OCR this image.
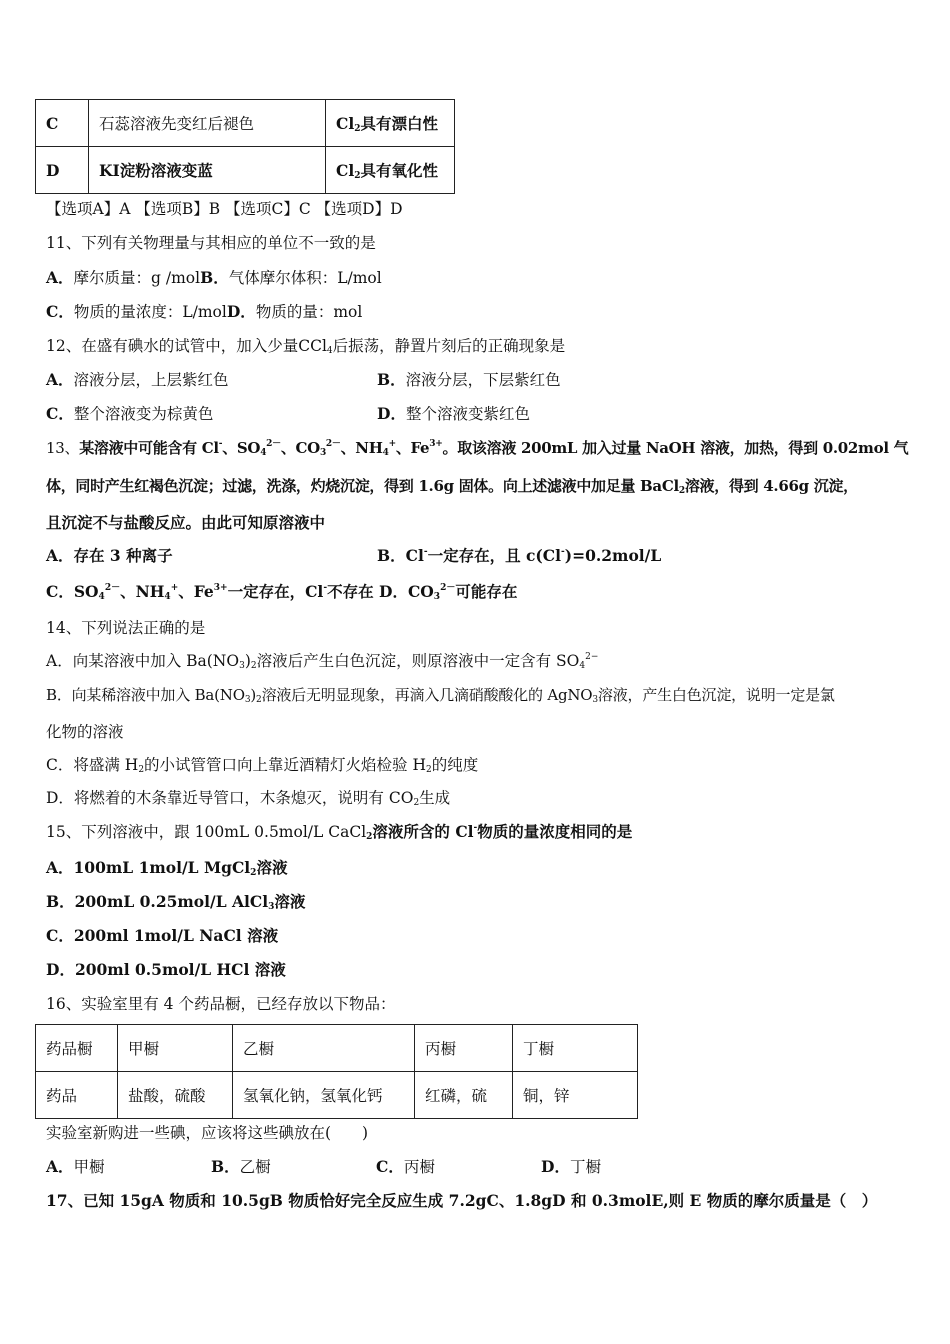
C	石蕊溶液先变红后褪色	$Cl_2$具有漂白性
D	KI淀粉溶液变蓝	$Cl_2$具有氧化性
【选项A】A 【选项B】B 【选项C】C 【选项D】D
11、下列有关物理量与其相应的单位不一致的是
A．摩尔质量：g /molB．气体摩尔体积：L/mol
C．物质的量浓度：L/molD．物质的量：mol
12、在盛有碘水的试管中，加入少量CCl$_4$后振荡，静置片刻后的正确现象是
A．溶液分层，上层紫红色	B．溶液分层，下层紫红色
C．整个溶液变为棕黄色	D．整个溶液变紫红色
13、某溶液中可能含有 Cl-、$SO_4^{2-}$、$CO_3^{2-}$、$NH_4^+$、$Fe^{3+}$。取该溶液 200mL 加入过量 NaOH 溶液，加热，得到 0.02mol 气
体，同时产生红褐色沉淀；过滤，洗涤，灼烧沉淀，得到 1.6g 固体。向上述滤液中加足量 BaCl$_2$溶液，得到 4.66g 沉淀，
且沉淀不与盐酸反应。由此可知原溶液中
A．存在 3 种离子	B．Cl-一定存在，且 c(Cl-)=0.2mol/L
C．$SO_4^{2-}$、$NH_4^+$、$Fe^{3+}$一定存在，Cl-不存在 D．$CO_3^{2-}$可能存在
14、下列说法正确的是
A．向某溶液中加入 $Ba(NO_3)_2$溶液后产生白色沉淀，则原溶液中一定含有 $SO_4^{2-}$
B．向某稀溶液中加入 $Ba(NO_3)_2$溶液后无明显现象，再滴入几滴硝酸酸化的 AgNO$_3$溶液，产生白色沉淀，说明一定是氯
化物的溶液
C．将盛满 $H_2$的小试管管口向上靠近酒精灯火焰检验 $H_2$的纯度
D．将燃着的木条靠近导管口，木条熄灭，说明有 $CO_2$生成
15、下列溶液中，跟 100mL 0.5mol/L CaCl$_2$溶液所含的 Cl-物质的量浓度相同的是
A．100mL 1mol/L MgCl$_2$溶液
B．200mL 0.25mol/L AlCl$_3$溶液
C．200ml 1mol/L NaCl 溶液
D．200ml 0.5mol/L HCl 溶液
16、实验室里有 4 个药品橱，已经存放以下物品：
药品橱	甲橱	乙橱	丙橱	丁橱
药品	盐酸，硫酸	氢氧化钠，氢氧化钙	红磷，硫	铜，锌
实验室新购进一些碘，应该将这些碘放在(　　)
A．甲橱	B．乙橱	C．丙橱	D．丁橱
17、已知 15gA 物质和 10.5gB 物质恰好完全反应生成 7.2gC、1.8gD 和 0.3molE,则 E 物质的摩尔质量是（　）
